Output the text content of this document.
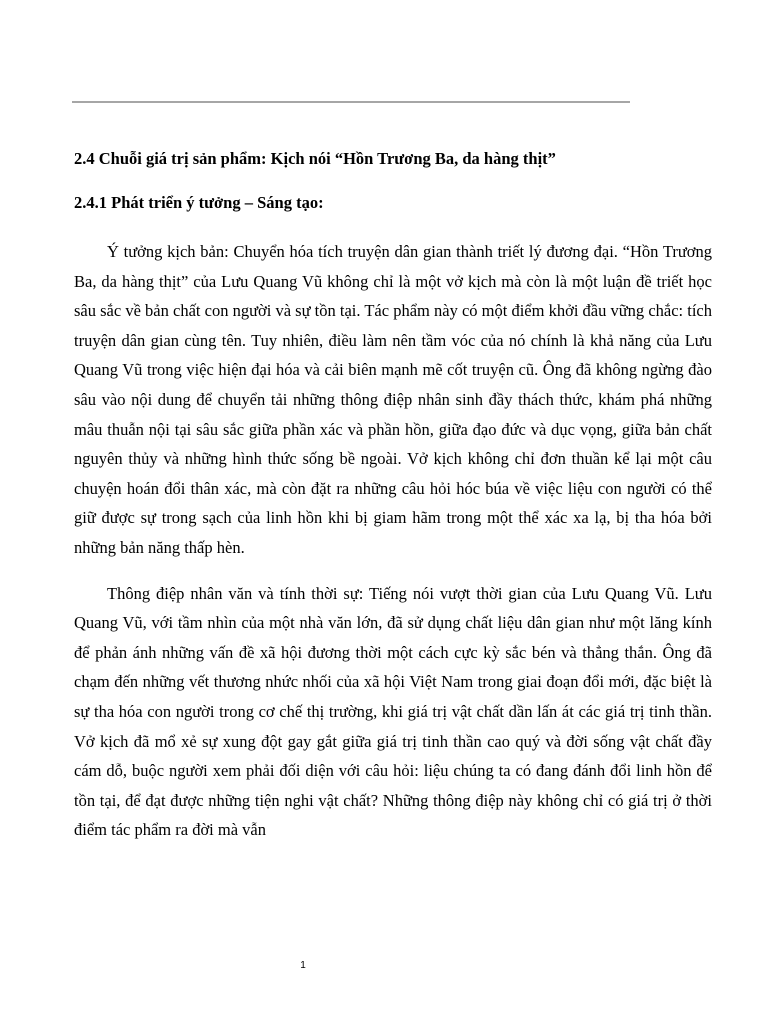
2.4 Chuỗi giá trị sản phẩm: Kịch nói “Hồn Trương Ba, da hàng thịt”

2.4.1 Phát triển ý tưởng – Sáng tạo:

Ý tưởng kịch bản: Chuyển hóa tích truyện dân gian thành triết lý đương đại. “Hồn Trương Ba, da hàng thịt” của Lưu Quang Vũ không chỉ là một vở kịch mà còn là một luận đề triết học sâu sắc về bản chất con người và sự tồn tại. Tác phẩm này có một điểm khởi đầu vững chắc: tích truyện dân gian cùng tên. Tuy nhiên, điều làm nên tầm vóc của nó chính là khả năng của Lưu Quang Vũ trong việc hiện đại hóa và cải biên mạnh mẽ cốt truyện cũ. Ông đã không ngừng đào sâu vào nội dung để chuyển tải những thông điệp nhân sinh đầy thách thức, khám phá những mâu thuẫn nội tại sâu sắc giữa phần xác và phần hồn, giữa đạo đức và dục vọng, giữa bản chất nguyên thủy và những hình thức sống bề ngoài. Vở kịch không chỉ đơn thuần kể lại một câu chuyện hoán đổi thân xác, mà còn đặt ra những câu hỏi hóc búa về việc liệu con người có thể giữ được sự trong sạch của linh hồn khi bị giam hãm trong một thể xác xa lạ, bị tha hóa bởi những bản năng thấp hèn.

Thông điệp nhân văn và tính thời sự: Tiếng nói vượt thời gian của Lưu Quang Vũ. Lưu Quang Vũ, với tầm nhìn của một nhà văn lớn, đã sử dụng chất liệu dân gian như một lăng kính để phản ánh những vấn đề xã hội đương thời một cách cực kỳ sắc bén và thẳng thắn. Ông đã chạm đến những vết thương nhức nhối của xã hội Việt Nam trong giai đoạn đổi mới, đặc biệt là sự tha hóa con người trong cơ chế thị trường, khi giá trị vật chất dần lấn át các giá trị tinh thần. Vở kịch đã mổ xẻ sự xung đột gay gắt giữa giá trị tinh thần cao quý và đời sống vật chất đầy cám dỗ, buộc người xem phải đối diện với câu hỏi: liệu chúng ta có đang đánh đổi linh hồn để tồn tại, để đạt được những tiện nghi vật chất? Những thông điệp này không chỉ có giá trị ở thời điểm tác phẩm ra đời mà vẫn

1
